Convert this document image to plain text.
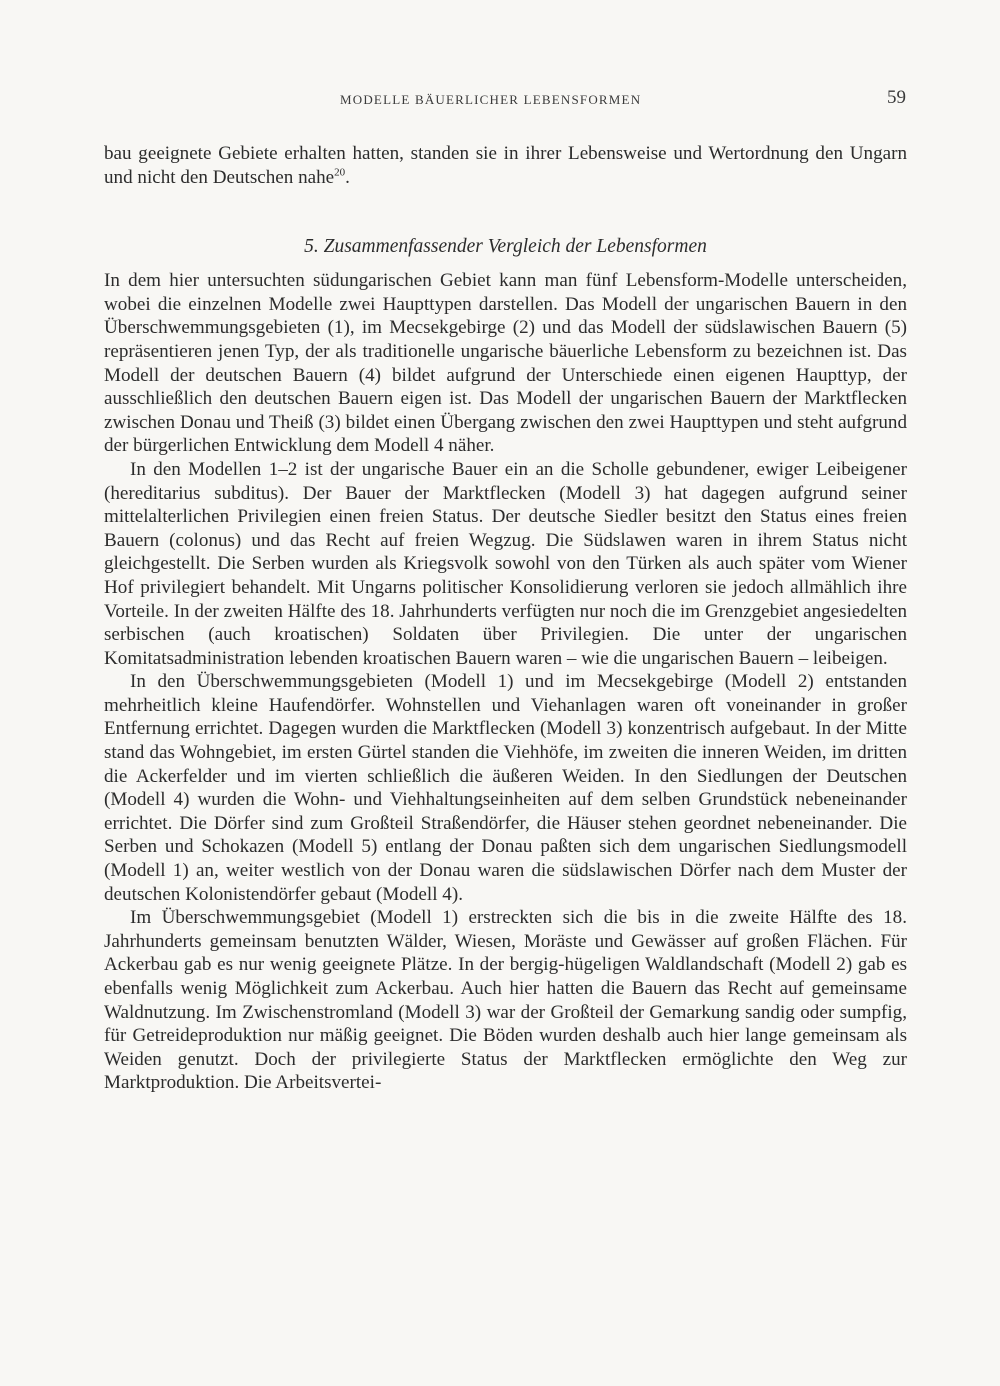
MODELLE BÄUERLICHER LEBENSFORMEN	59

bau geeignete Gebiete erhalten hatten, standen sie in ihrer Lebensweise und Wertordnung den Ungarn und nicht den Deutschen nahe$^{20}$.

5. Zusammenfassender Vergleich der Lebensformen

In dem hier untersuchten südungarischen Gebiet kann man fünf Lebensform-Modelle unterscheiden, wobei die einzelnen Modelle zwei Haupttypen darstellen. Das Modell der ungarischen Bauern in den Überschwemmungsgebieten (1), im Mecsekgebirge (2) und das Modell der südslawischen Bauern (5) repräsentieren jenen Typ, der als traditionelle ungarische bäuerliche Lebensform zu bezeichnen ist. Das Modell der deutschen Bauern (4) bildet aufgrund der Unterschiede einen eigenen Haupttyp, der ausschließlich den deutschen Bauern eigen ist. Das Modell der ungarischen Bauern der Marktflecken zwischen Donau und Theiß (3) bildet einen Übergang zwischen den zwei Haupttypen und steht aufgrund der bürgerlichen Entwicklung dem Modell 4 näher.

In den Modellen 1–2 ist der ungarische Bauer ein an die Scholle gebundener, ewiger Leibeigener (hereditarius subditus). Der Bauer der Marktflecken (Modell 3) hat dagegen aufgrund seiner mittelalterlichen Privilegien einen freien Status. Der deutsche Siedler besitzt den Status eines freien Bauern (colonus) und das Recht auf freien Wegzug. Die Südslawen waren in ihrem Status nicht gleichgestellt. Die Serben wurden als Kriegsvolk sowohl von den Türken als auch später vom Wiener Hof privilegiert behandelt. Mit Ungarns politischer Konsolidierung verloren sie jedoch allmählich ihre Vorteile. In der zweiten Hälfte des 18. Jahrhunderts verfügten nur noch die im Grenzgebiet angesiedelten serbischen (auch kroatischen) Soldaten über Privilegien. Die unter der ungarischen Komitatsadministration lebenden kroatischen Bauern waren – wie die ungarischen Bauern – leibeigen.

In den Überschwemmungsgebieten (Modell 1) und im Mecsekgebirge (Modell 2) entstanden mehrheitlich kleine Haufendörfer. Wohnstellen und Viehanlagen waren oft voneinander in großer Entfernung errichtet. Dagegen wurden die Marktflecken (Modell 3) konzentrisch aufgebaut. In der Mitte stand das Wohngebiet, im ersten Gürtel standen die Viehhöfe, im zweiten die inneren Weiden, im dritten die Ackerfelder und im vierten schließlich die äußeren Weiden. In den Siedlungen der Deutschen (Modell 4) wurden die Wohn- und Viehhaltungseinheiten auf dem selben Grundstück nebeneinander errichtet. Die Dörfer sind zum Großteil Straßendörfer, die Häuser stehen geordnet nebeneinander. Die Serben und Schokazen (Modell 5) entlang der Donau paßten sich dem ungarischen Siedlungsmodell (Modell 1) an, weiter westlich von der Donau waren die südslawischen Dörfer nach dem Muster der deutschen Kolonistendörfer gebaut (Modell 4).

Im Überschwemmungsgebiet (Modell 1) erstreckten sich die bis in die zweite Hälfte des 18. Jahrhunderts gemeinsam benutzten Wälder, Wiesen, Moräste und Gewässer auf großen Flächen. Für Ackerbau gab es nur wenig geeignete Plätze. In der bergig-hügeligen Waldlandschaft (Modell 2) gab es ebenfalls wenig Möglichkeit zum Ackerbau. Auch hier hatten die Bauern das Recht auf gemeinsame Waldnutzung. Im Zwischenstromland (Modell 3) war der Großteil der Gemarkung sandig oder sumpfig, für Getreideproduktion nur mäßig geeignet. Die Böden wurden deshalb auch hier lange gemeinsam als Weiden genutzt. Doch der privilegierte Status der Marktflecken ermöglichte den Weg zur Marktproduktion. Die Arbeitsvertei-
